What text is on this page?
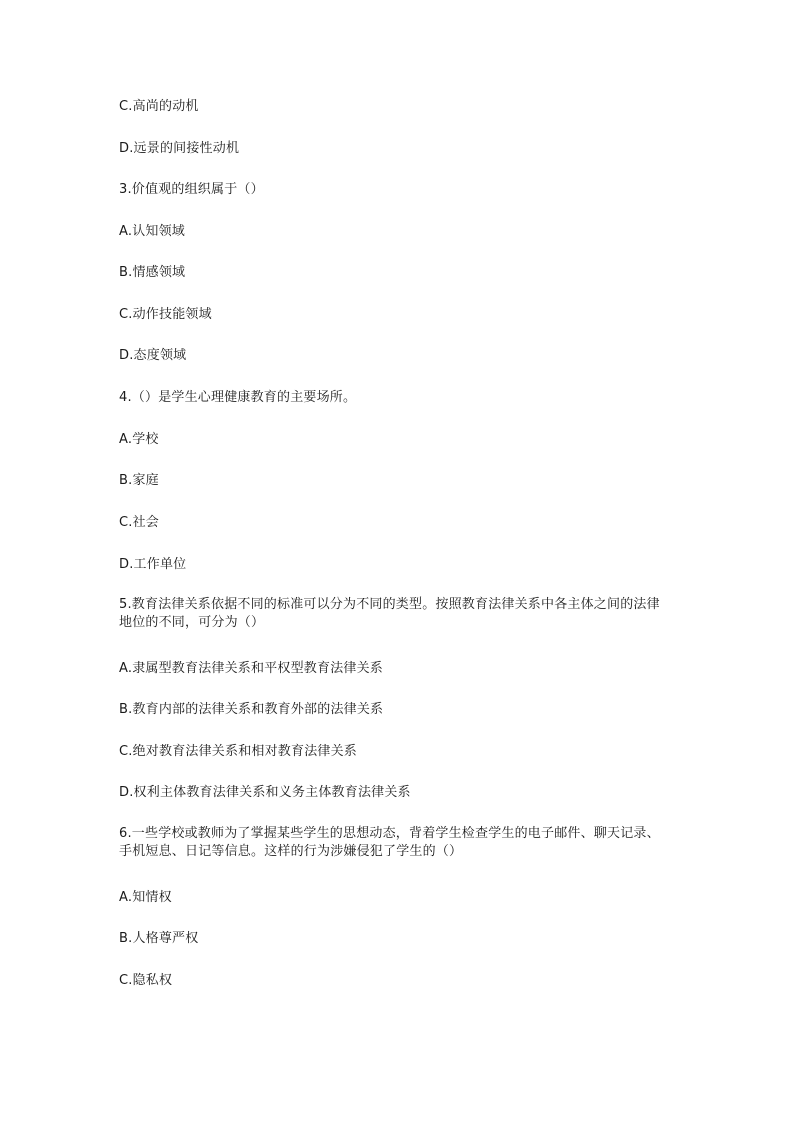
C.高尚的动机
D.远景的间接性动机
3.价值观的组织属于（）
A.认知领域
B.情感领域
C.动作技能领域
D.态度领域
4.（）是学生心理健康教育的主要场所。
A.学校
B.家庭
C.社会
D.工作单位
5.教育法律关系依据不同的标准可以分为不同的类型。按照教育法律关系中各主体之间的法律地位的不同，可分为（）
A.隶属型教育法律关系和平权型教育法律关系
B.教育内部的法律关系和教育外部的法律关系
C.绝对教育法律关系和相对教育法律关系
D.权利主体教育法律关系和义务主体教育法律关系
6.一些学校或教师为了掌握某些学生的思想动态，背着学生检查学生的电子邮件、聊天记录、手机短息、日记等信息。这样的行为涉嫌侵犯了学生的（）
A.知情权
B.人格尊严权
C.隐私权
